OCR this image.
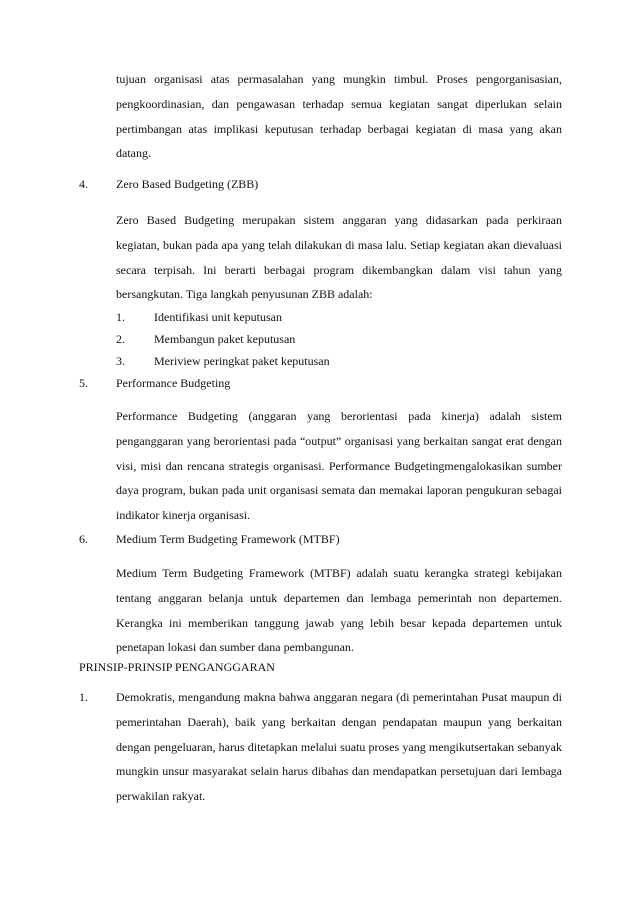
tujuan organisasi atas permasalahan yang mungkin timbul. Proses pengorganisasian, pengkoordinasian, dan pengawasan terhadap semua kegiatan sangat diperlukan selain pertimbangan atas implikasi keputusan terhadap berbagai kegiatan di masa yang akan datang.

4. Zero Based Budgeting (ZBB)

Zero Based Budgeting merupakan sistem anggaran yang didasarkan pada perkiraan kegiatan, bukan pada apa yang telah dilakukan di masa lalu. Setiap kegiatan akan dievaluasi secara terpisah. Ini berarti berbagai program dikembangkan dalam visi tahun yang bersangkutan. Tiga langkah penyusunan ZBB adalah:

1. Identifikasi unit keputusan
2. Membangun paket keputusan
3. Meriview peringkat paket keputusan
5. Performance Budgeting

Performance Budgeting (anggaran yang berorientasi pada kinerja) adalah sistem penganggaran yang berorientasi pada “output” organisasi yang berkaitan sangat erat dengan visi, misi dan rencana strategis organisasi. Performance Budgetingmengalokasikan sumber daya program, bukan pada unit organisasi semata dan memakai laporan pengukuran sebagai indikator kinerja organisasi.

6. Medium Term Budgeting Framework (MTBF)

Medium Term Budgeting Framework (MTBF) adalah suatu kerangka strategi kebijakan tentang anggaran belanja untuk departemen dan lembaga pemerintah non departemen. Kerangka ini memberikan tanggung jawab yang lebih besar kepada departemen untuk penetapan lokasi dan sumber dana pembangunan.

PRINSIP-PRINSIP PENGANGGARAN
1. Demokratis, mengandung makna bahwa anggaran negara (di pemerintahan Pusat maupun di pemerintahan Daerah), baik yang berkaitan dengan pendapatan maupun yang berkaitan dengan pengeluaran, harus ditetapkan melalui suatu proses yang mengikutsertakan sebanyak mungkin unsur masyarakat selain harus dibahas dan mendapatkan persetujuan dari lembaga perwakilan rakyat.
